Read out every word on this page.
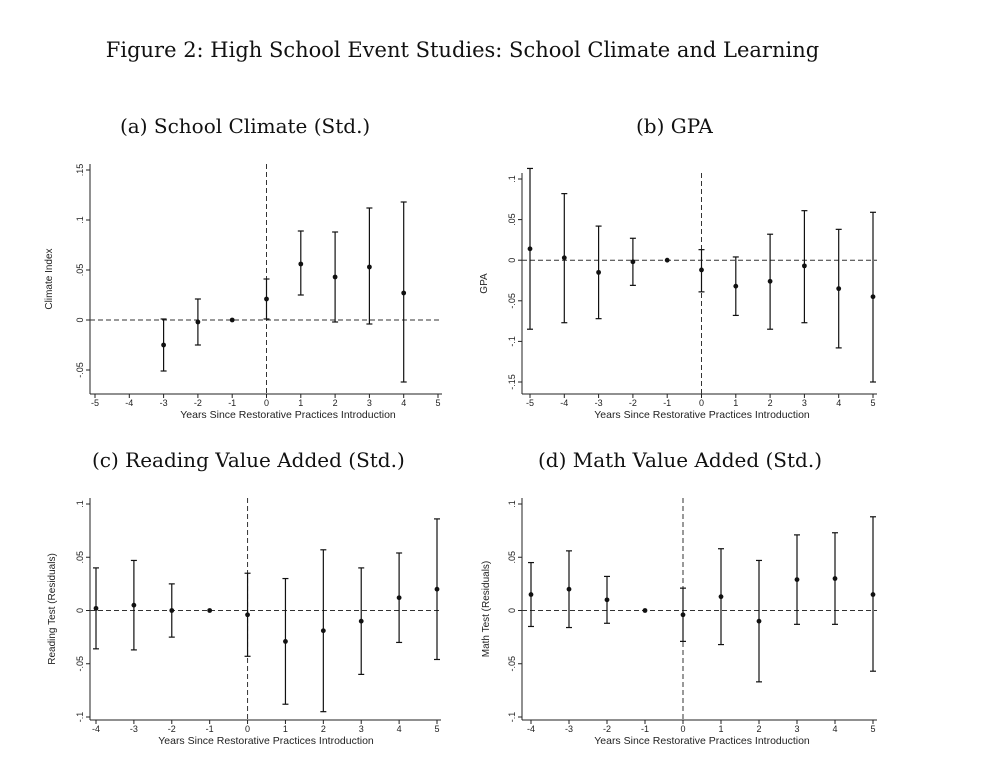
Figure 2: High School Event Studies: School Climate and Learning
(a) School Climate (Std.)	(b) GPA
(c) Reading Value Added (Std.)	(d) Math Value Added (Std.)
-5	-4	-3	-2	-1	0	1	2	3	4	5
.15
.1
.05
0
-.05
Years Since Restorative Practices Introduction
Climate Index
-5	-4	-3	-2	-1	0	1	2	3	4	5
.1
.05
0
-.05
-.1
-.15
Years Since Restorative Practices Introduction
GPA
-4	-3	-2	-1	0	1	2	3	4	5
.1
.05
0
-.05
-.1
Years Since Restorative Practices Introduction
Reading Test (Residuals)
-4	-3	-2	-1	0	1	2	3	4	5
.1
.05
0
-.05
-.1
Years Since Restorative Practices Introduction
Math Test (Residuals)
